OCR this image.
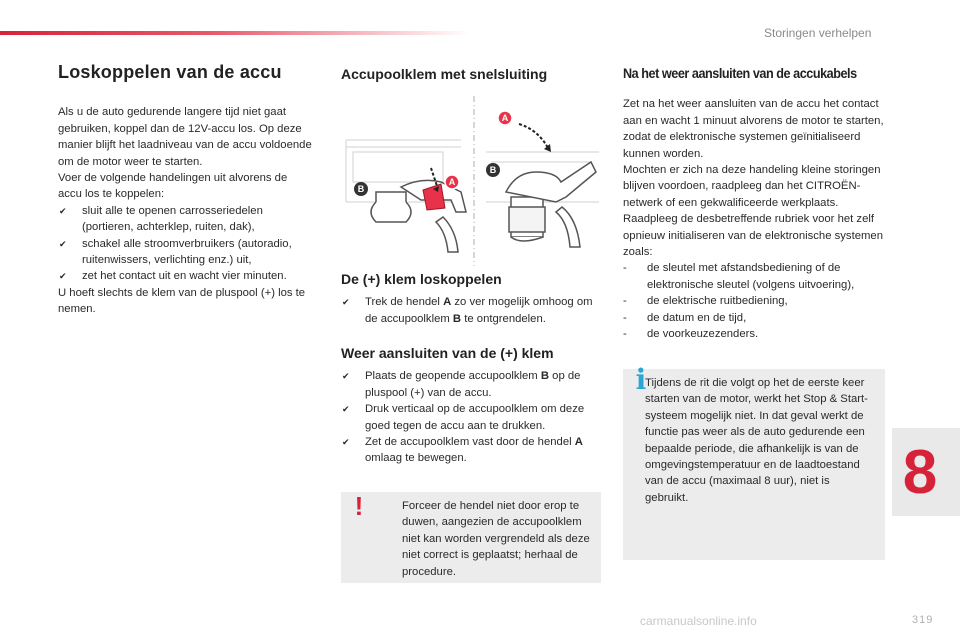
Storingen verhelpen
Loskoppelen van de accu

Als u de auto gedurende langere tijd niet gaat gebruiken, koppel dan de 12V-accu los. Op deze manier blijft het laadniveau van de accu voldoende om de motor weer te starten.

Voer de volgende handelingen uit alvorens de accu los te koppelen:

✔ sluit alle te openen carrosseriedelen (portieren, achterklep, ruiten, dak),
✔ schakel alle stroomverbruikers (autoradio, ruitenwissers, verlichting enz.) uit,
✔ zet het contact uit en wacht vier minuten.

U hoeft slechts de klem van de pluspool (+) los te nemen.

Accupoolklem met snelsluiting
A
B
A
B
De (+) klem loskoppelen
✔ Trek de hendel A zo ver mogelijk omhoog om de accupoolklem B te ontgrendelen.
Weer aansluiten van de (+) klem
✔ Plaats de geopende accupoolklem B op de pluspool (+) van de accu.
✔ Druk verticaal op de accupoolklem om deze goed tegen de accu aan te drukken.
✔ Zet de accupoolklem vast door de hendel A omlaag te bewegen.
!	Forceer de hendel niet door erop te duwen, aangezien de accupoolklem niet kan worden vergrendeld als deze niet correct is geplaatst; herhaal de procedure.
Na het weer aansluiten van de accukabels

Zet na het weer aansluiten van de accu het contact aan en wacht 1 minuut alvorens de motor te starten, zodat de elektronische systemen geïnitialiseerd kunnen worden.

Mochten er zich na deze handeling kleine storingen blijven voordoen, raadpleeg dan het CITROËN-netwerk of een gekwalificeerde werkplaats.

Raadpleeg de desbetreffende rubriek voor het zelf opnieuw initialiseren van de elektronische systemen zoals:

- de sleutel met afstandsbediening of de elektronische sleutel (volgens uitvoering),
- de elektrische ruitbediening,
- de datum en de tijd,
- de voorkeuzezenders.
i
Tijdens de rit die volgt op het de eerste keer starten van de motor, werkt het Stop & Start-systeem mogelijk niet. In dat geval werkt de functie pas weer als de auto gedurende een bepaalde periode, die afhankelijk is van de omgevingstemperatuur en de laadtoestand van de accu (maximaal 8 uur), niet is gebruikt.	8
319
carmanualsonline.info
